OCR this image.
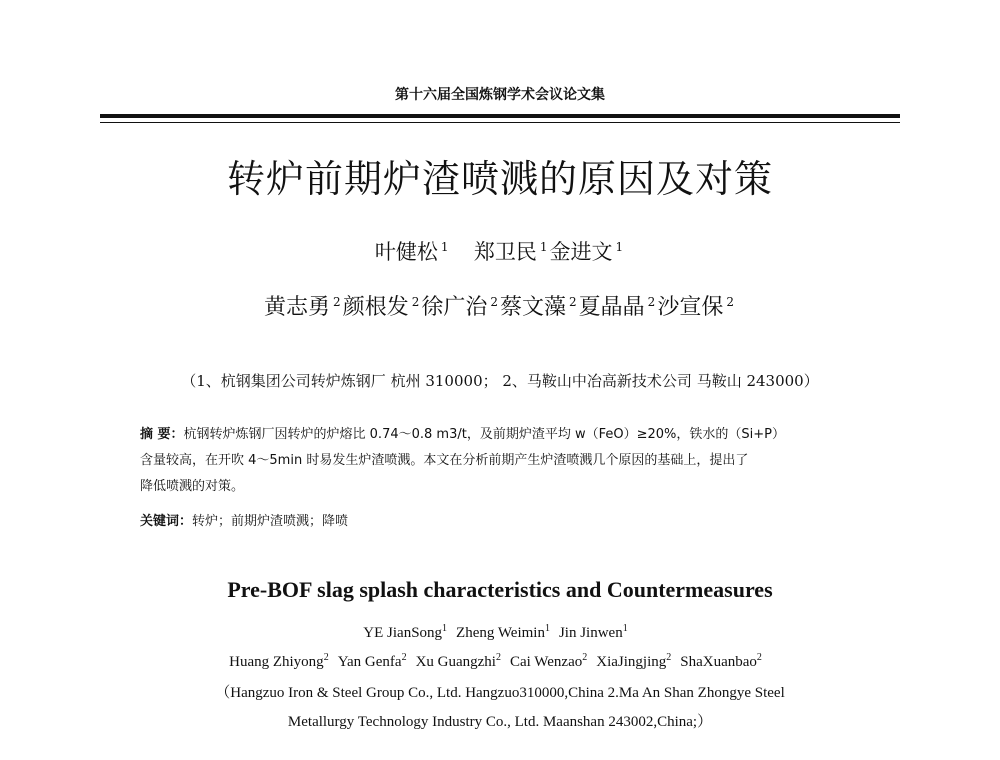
第十六届全国炼钢学术会议论文集
转炉前期炉渣喷溅的原因及对策
叶健松 $^1$ 郑卫民 $^1$金进文 $^1$
黄志勇 $^2$颜根发 $^2$徐广治 $^2$蔡文藻 $^2$夏晶晶 $^2$沙宣保 $^2$
（1、杭钢集团公司转炉炼钢厂 杭州 310000； 2、马鞍山中冶高新技术公司 马鞍山 243000）
摘 要：杭钢转炉炼钢厂因转炉的炉熔比 0.74～0.8 m3/t，及前期炉渣平均 w（FeO）≥20%，铁水的（Si+P）
含量较高，在开吹 4～5min 时易发生炉渣喷溅。本文在分析前期产生炉渣喷溅几个原因的基础上，提出了
降低喷溅的对策。
关键词：转炉；前期炉渣喷溅；降喷
Pre-BOF slag splash characteristics and Countermeasures
YE JianSong$^1$ Zheng Weimin$^1$ Jin Jinwen$^1$
Huang Zhiyong$^2$ Yan Genfa$^2$ Xu Guangzhi$^2$ Cai Wenzao$^2$ XiaJingjing$^2$ ShaXuanbao$^2$
（Hangzuo Iron & Steel Group Co., Ltd. Hangzuo310000,China 2.Ma An Shan Zhongye Steel
Metallurgy Technology Industry Co., Ltd. Maanshan 243002,China;）
